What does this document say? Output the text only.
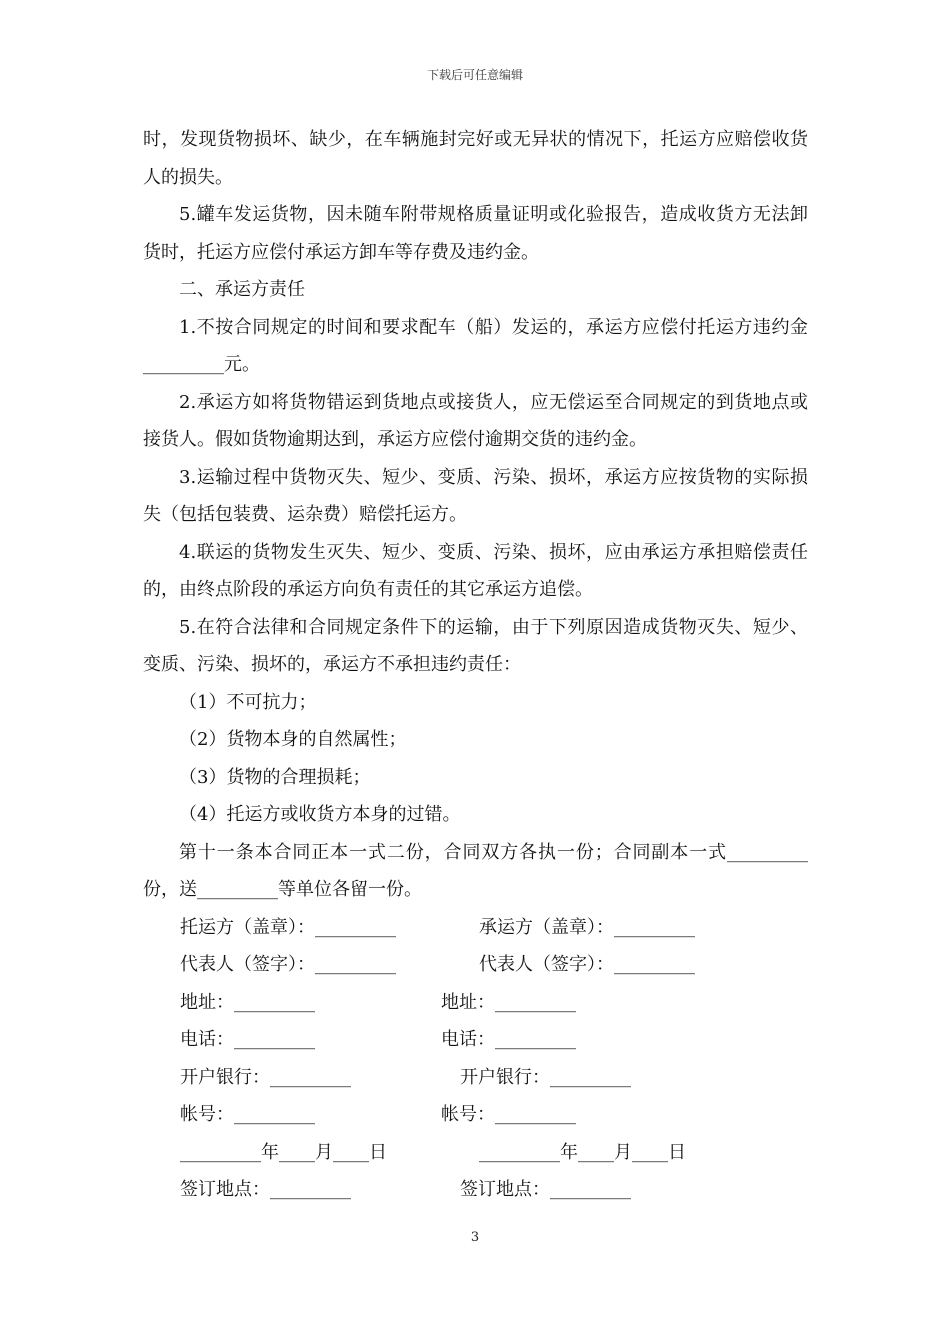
下载后可任意编辑

时，发现货物损坏、缺少，在车辆施封完好或无异状的情况下，托运方应赔偿收货人的损失。

5.罐车发运货物，因未随车附带规格质量证明或化验报告，造成收货方无法卸货时，托运方应偿付承运方卸车等存费及违约金。

二、承运方责任

1.不按合同规定的时间和要求配车（船）发运的，承运方应偿付托运方违约金_________元。

2.承运方如将货物错运到货地点或接货人，应无偿运至合同规定的到货地点或接货人。假如货物逾期达到，承运方应偿付逾期交货的违约金。

3.运输过程中货物灭失、短少、变质、污染、损坏，承运方应按货物的实际损失（包括包装费、运杂费）赔偿托运方。

4.联运的货物发生灭失、短少、变质、污染、损坏，应由承运方承担赔偿责任的，由终点阶段的承运方向负有责任的其它承运方追偿。

5.在符合法律和合同规定条件下的运输，由于下列原因造成货物灭失、短少、变质、污染、损坏的，承运方不承担违约责任：

（1）不可抗力；

（2）货物本身的自然属性；

（3）货物的合理损耗；

（4）托运方或收货方本身的过错。

第十一条本合同正本一式二份，合同双方各执一份；合同副本一式_________份，送_________等单位各留一份。

托运方（盖章）：_________	承运方（盖章）：_________
代表人（签字）：_________	代表人（签字）：_________
地址：_________	地址：_________
电话：_________	电话：_________
开户银行：_________	开户银行：_________
帐号：_________	帐号：_________
_________年____月____日	_________年____月____日
签订地点：_________	签订地点：_________
3
